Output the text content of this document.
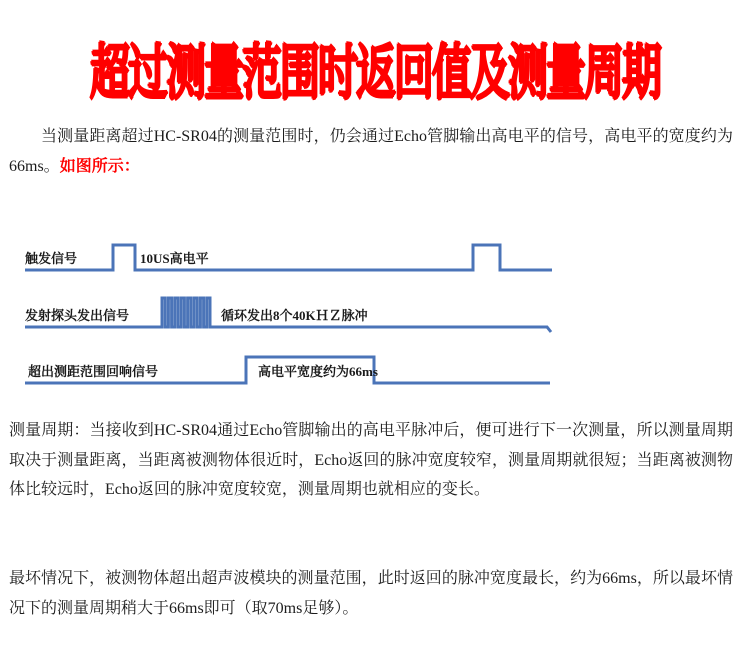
超过测量范围时返回值及测量周期

当测量距离超过HC-SR04的测量范围时，仍会通过Echo管脚输出高电平的信号，高电平的宽度约为66ms。如图所示：

触发信号	10US高电平
发射探头发出信号	循环发出8个40KＨＺ脉冲
超出测距范围回响信号	高电平宽度约为66ms

测量周期：当接收到HC-SR04通过Echo管脚输出的高电平脉冲后，便可进行下一次测量，所以测量周期取决于测量距离，当距离被测物体很近时，Echo返回的脉冲宽度较窄，测量周期就很短；当距离被测物体比较远时，Echo返回的脉冲宽度较宽，测量周期也就相应的变长。

最坏情况下，被测物体超出超声波模块的测量范围，此时返回的脉冲宽度最长，约为66ms，所以最坏情况下的测量周期稍大于66ms即可（取70ms足够）。
